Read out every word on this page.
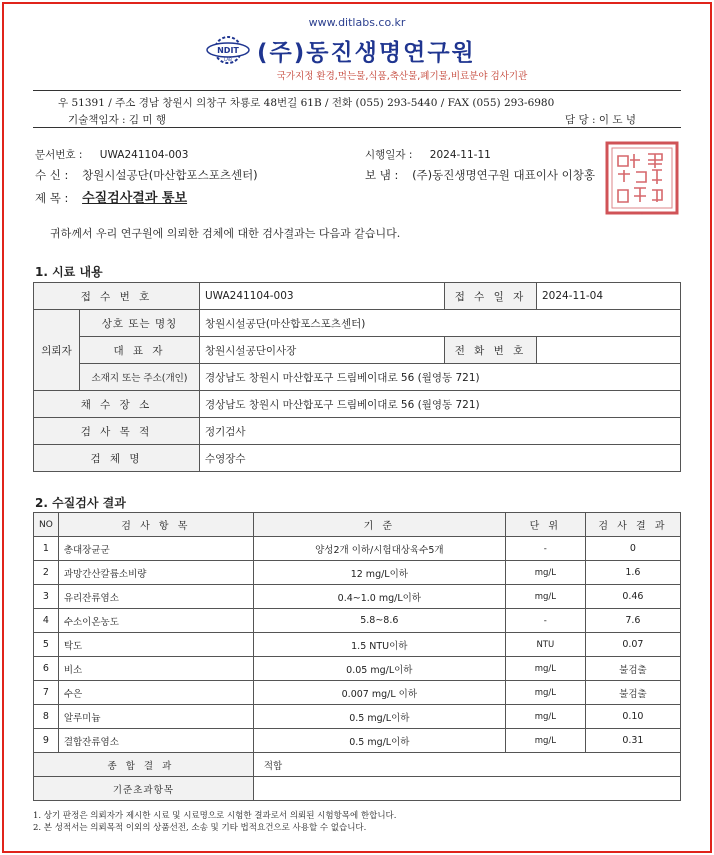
www.ditlabs.co.kr
NDIT
LAB (주)동진생명연구원
국가지정 환경,먹는물,식품,축산물,폐기물,비료분야 검사기관
우 51391 / 주소 경남 창원시 의창구 차룡로 48번길 61B / 전화 (055) 293-5440 / FAX (055) 293-6980
기술책임자 : 김 미 행	담 당 : 이 도 녕
문서번호 : UWA241104-003	시행일자 : 2024-11-11
수 신 : 창원시설공단(마산합포스포츠센터)	보 냄 : (주)동진생명연구원 대표이사 이창홍
제 목 : 수질검사결과 통보
귀하께서 우리 연구원에 의뢰한 검체에 대한 검사결과는 다음과 같습니다.
1. 시료 내용
접 수 번 호		UWA241104-003	접 수 일 자	2024-11-04
의뢰자	상호 또는 명칭	창원시설공단(마산합포스포츠센터)		
	대 표 자	창원시설공단이사장	전 화 번 호	
	소재지 또는 주소(개인)	경상남도 창원시 마산합포구 드림베이대로 56 (월영동 721)		
채 수 장 소		경상남도 창원시 마산합포구 드림베이대로 56 (월영동 721)		
검 사 목 적		정기검사		
검 체 명		수영장수		
2. 수질검사 결과
NO	검 사 항 목	기 준	단 위	검 사 결 과
1	총대장균군	양성2개 이하/시험대상육수5개	-	0
2	과망간산칼륨소비량	12 mg/L이하	mg/L	1.6
3	유리잔류염소	0.4~1.0 mg/L이하	mg/L	0.46
4	수소이온농도	5.8~8.6	-	7.6
5	탁도	1.5 NTU이하	NTU	0.07
6	비소	0.05 mg/L이하	mg/L	불검출
7	수은	0.007 mg/L 이하	mg/L	불검출
8	알루미늄	0.5 mg/L이하	mg/L	0.10
9	결합잔류염소	0.5 mg/L이하	mg/L	0.31
종 합 결 과		적합		
기준초과항목				
1. 상기 판정은 의뢰자가 제시한 시료 및 시료명으로 시험한 결과로서 의뢰된 시험항목에 한합니다.
2. 본 성적서는 의뢰목적 이외의 상품선전, 소송 및 기타 법적요건으로 사용할 수 없습니다.
